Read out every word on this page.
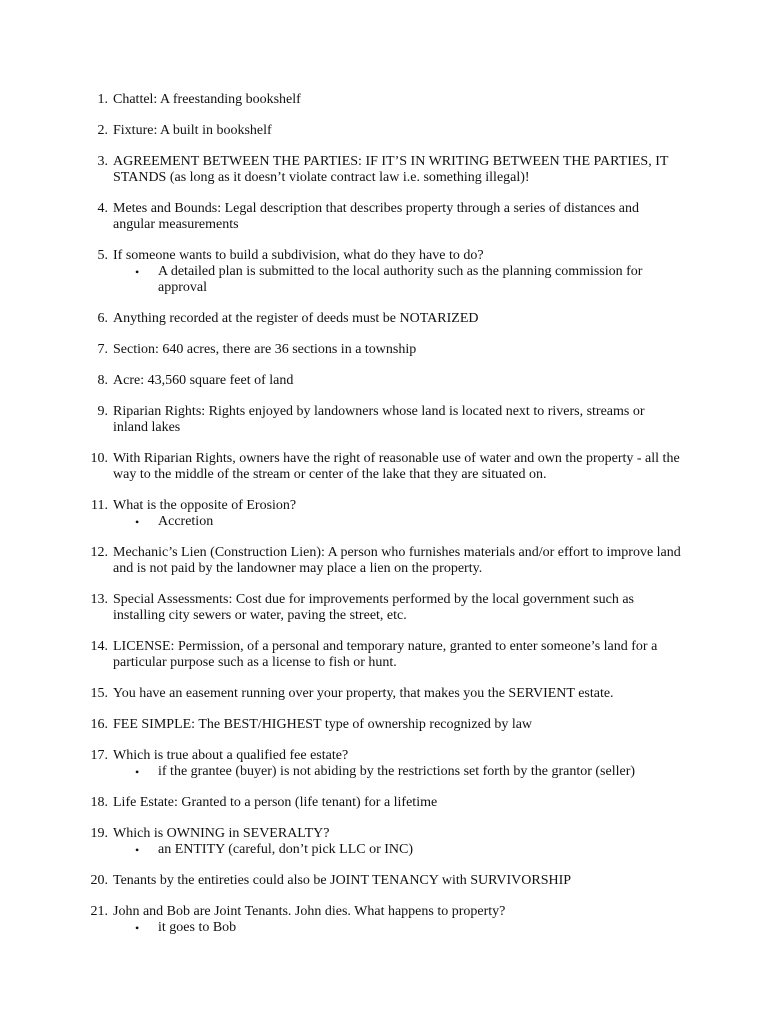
1. Chattel: A freestanding bookshelf
2. Fixture: A built in bookshelf
3. AGREEMENT BETWEEN THE PARTIES: IF IT’S IN WRITING BETWEEN THE PARTIES, IT STANDS (as long as it doesn’t violate contract law i.e. something illegal)!
4. Metes and Bounds: Legal description that describes property through a series of distances and angular measurements
5. If someone wants to build a subdivision, what do they have to do?
• A detailed plan is submitted to the local authority such as the planning commission for approval
6. Anything recorded at the register of deeds must be NOTARIZED
7. Section: 640 acres, there are 36 sections in a township
8. Acre: 43,560 square feet of land
9. Riparian Rights: Rights enjoyed by landowners whose land is located next to rivers, streams or inland lakes
10. With Riparian Rights, owners have the right of reasonable use of water and own the property - all the way to the middle of the stream or center of the lake that they are situated on.
11. What is the opposite of Erosion?
• Accretion
12. Mechanic’s Lien (Construction Lien): A person who furnishes materials and/or effort to improve land and is not paid by the landowner may place a lien on the property.
13. Special Assessments: Cost due for improvements performed by the local government such as installing city sewers or water, paving the street, etc.
14. LICENSE: Permission, of a personal and temporary nature, granted to enter someone’s land for a particular purpose such as a license to fish or hunt.
15. You have an easement running over your property, that makes you the SERVIENT estate.
16. FEE SIMPLE: The BEST/HIGHEST type of ownership recognized by law
17. Which is true about a qualified fee estate?
• if the grantee (buyer) is not abiding by the restrictions set forth by the grantor (seller)
18. Life Estate: Granted to a person (life tenant) for a lifetime
19. Which is OWNING in SEVERALTY?
• an ENTITY (careful, don’t pick LLC or INC)
20. Tenants by the entireties could also be JOINT TENANCY with SURVIVORSHIP
21. John and Bob are Joint Tenants. John dies. What happens to property?
• it goes to Bob
